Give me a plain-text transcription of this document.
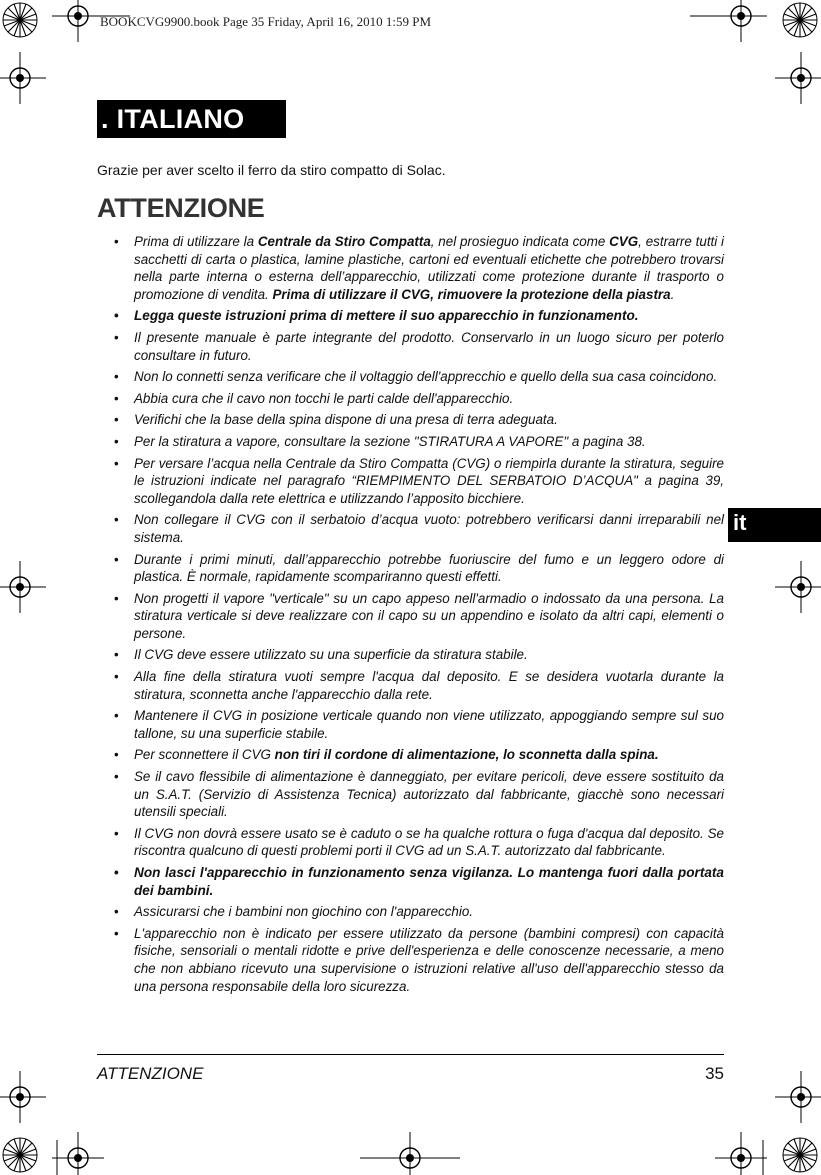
BOOKCVG9900.book Page 35 Friday, April 16, 2010 1:59 PM
. ITALIANO
it
Grazie per aver scelto il ferro da stiro compatto di Solac.
ATTENZIONE
• Prima di utilizzare la Centrale da Stiro Compatta, nel prosieguo indicata come CVG, estrarre tutti i sacchetti di carta o plastica, lamine plastiche, cartoni ed eventuali etichette che potrebbero trovarsi nella parte interna o esterna dell’apparecchio, utilizzati come protezione durante il trasporto o promozione di vendita. Prima di utilizzare il CVG, rimuovere la protezione della piastra.
• Legga queste istruzioni prima di mettere il suo apparecchio in funzionamento.
• Il presente manuale è parte integrante del prodotto. Conservarlo in un luogo sicuro per poterlo consultare in futuro.
• Non lo connetti senza verificare che il voltaggio dell'apprecchio e quello della sua casa coincidono.
• Abbia cura che il cavo non tocchi le parti calde dell'apparecchio.
• Verifichi che la base della spina dispone di una presa di terra adeguata.
• Per la stiratura a vapore, consultare la sezione "STIRATURA A VAPORE" a pagina 38.
• Per versare l’acqua nella Centrale da Stiro Compatta (CVG) o riempirla durante la stiratura, seguire le istruzioni indicate nel paragrafo “RIEMPIMENTO DEL SERBATOIO D’ACQUA" a pagina 39, scollegandola dalla rete elettrica e utilizzando l’apposito bicchiere.
• Non collegare il CVG con il serbatoio d’acqua vuoto: potrebbero verificarsi danni irreparabili nel sistema.
• Durante i primi minuti, dall’apparecchio potrebbe fuoriuscire del fumo e un leggero odore di plastica. È normale, rapidamente scompariranno questi effetti.
• Non progetti il vapore "verticale" su un capo appeso nell'armadio o indossato da una persona. La stiratura verticale si deve realizzare con il capo su un appendino e isolato da altri capi, elementi o persone.
• Il CVG deve essere utilizzato su una superficie da stiratura stabile.
• Alla fine della stiratura vuoti sempre l'acqua dal deposito. E se desidera vuotarla durante la stiratura, sconnetta anche l'apparecchio dalla rete.
• Mantenere il CVG in posizione verticale quando non viene utilizzato, appoggiando sempre sul suo tallone, su una superficie stabile.
• Per sconnettere il CVG non tiri il cordone di alimentazione, lo sconnetta dalla spina.
• Se il cavo flessibile di alimentazione è danneggiato, per evitare pericoli, deve essere sostituito da un S.A.T. (Servizio di Assistenza Tecnica) autorizzato dal fabbricante, giacchè sono necessari utensili speciali.
• Il CVG non dovrà essere usato se è caduto o se ha qualche rottura o fuga d'acqua dal deposito. Se riscontra qualcuno di questi problemi porti il CVG ad un S.A.T. autorizzato dal fabbricante.
• Non lasci l'apparecchio in funzionamento senza vigilanza. Lo mantenga fuori dalla portata dei bambini.
• Assicurarsi che i bambini non giochino con l'apparecchio.
• L'apparecchio non è indicato per essere utilizzato da persone (bambini compresi) con capacità fisiche, sensoriali o mentali ridotte e prive dell'esperienza e delle conoscenze necessarie, a meno che non abbiano ricevuto una supervisione o istruzioni relative all'uso dell'apparecchio stesso da una persona responsabile della loro sicurezza.
ATTENZIONE	35
